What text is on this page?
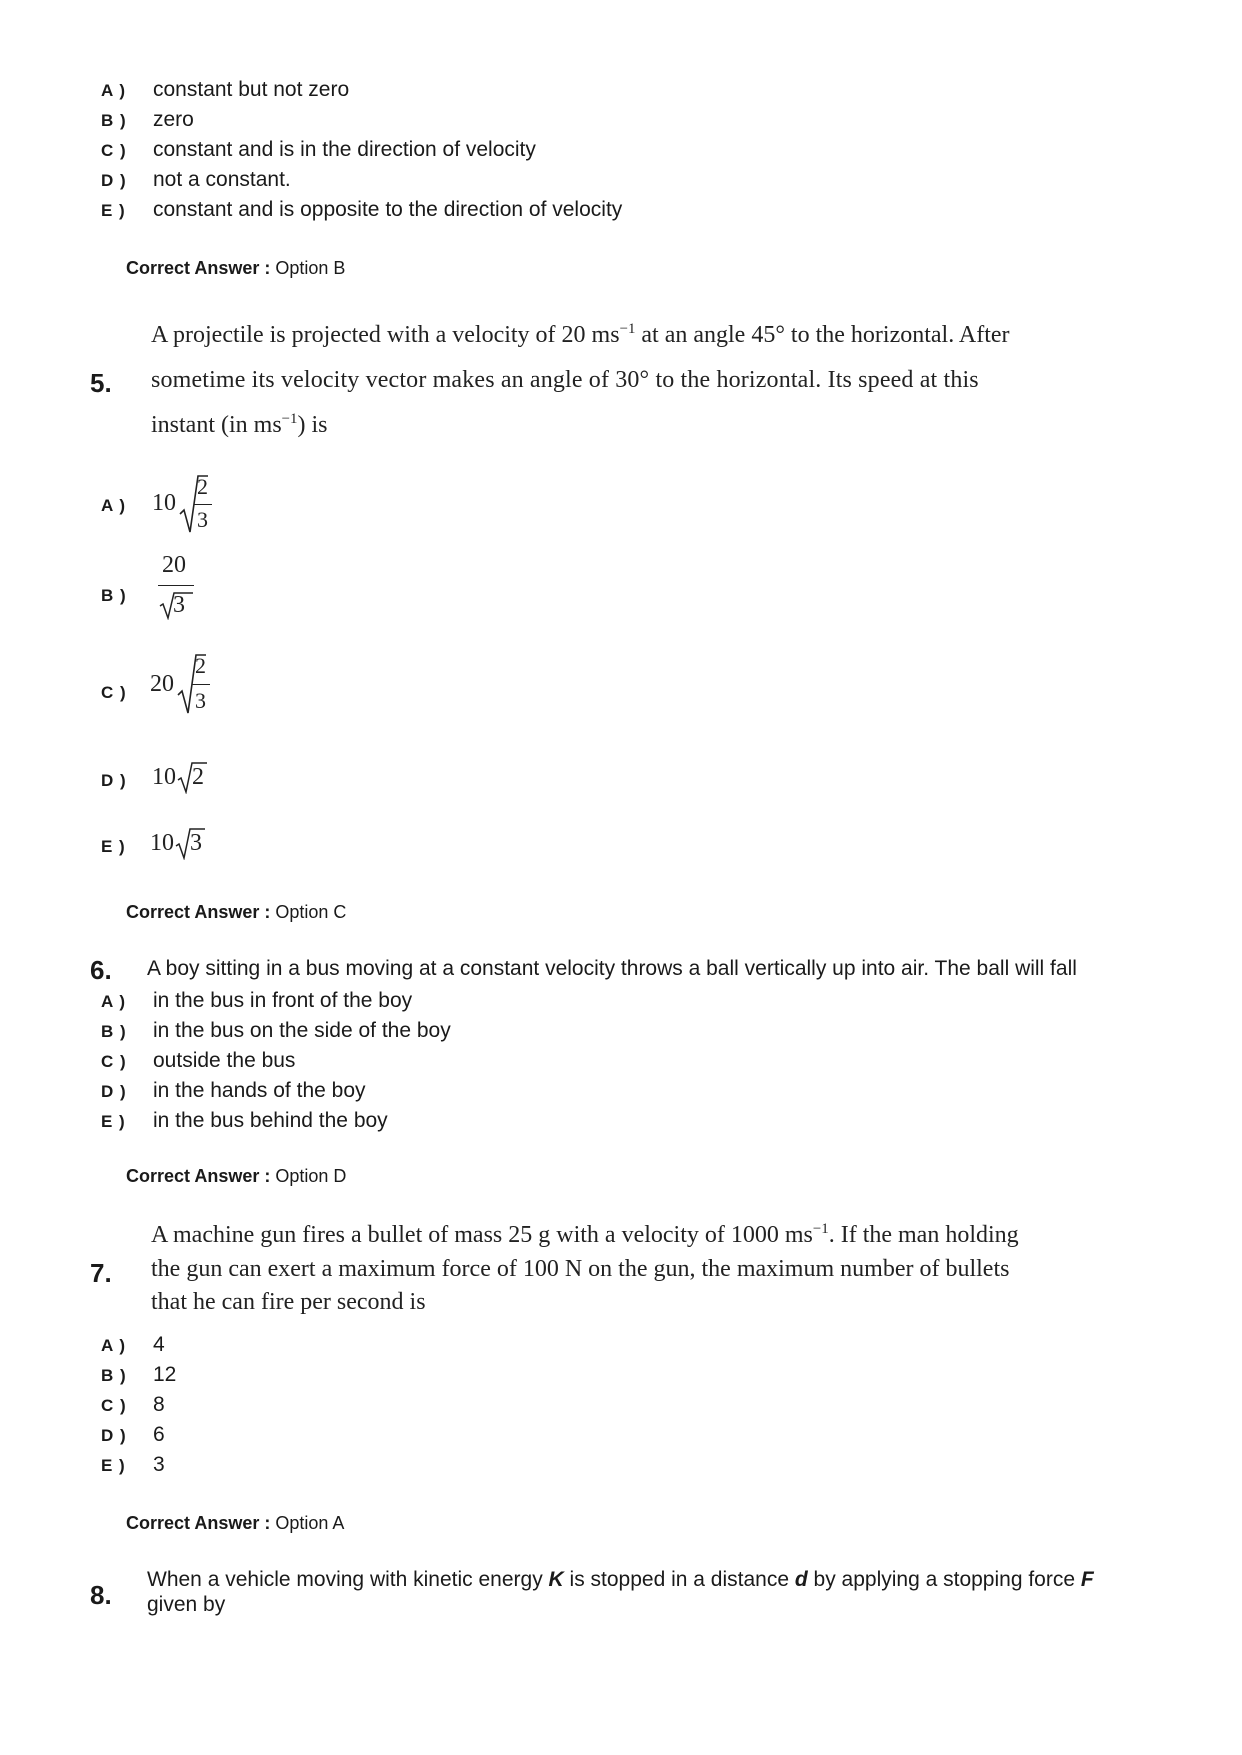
A ) constant but not zero
B ) zero
C ) constant and is in the direction of velocity
D ) not a constant.
E ) constant and is opposite to the direction of velocity
Correct Answer : Option B
5.
A projectile is projected with a velocity of 20 $ms^{-1}$ at an angle 45° to the horizontal. After
sometime its velocity vector makes an angle of 30° to the horizontal. Its speed at this
instant (in $ms^{-1}$) is
A ) 10
2
3
B )
20
3
C ) 20
2
3
D ) 10 2
E ) 10 3
Correct Answer : Option C
6. A boy sitting in a bus moving at a constant velocity throws a ball vertically up into air. The ball will fall
A ) in the bus in front of the boy
B ) in the bus on the side of the boy
C ) outside the bus
D ) in the hands of the boy
E ) in the bus behind the boy
Correct Answer : Option D
7.
A machine gun fires a bullet of mass 25 g with a velocity of 1000 $ms^{-1}$. If the man holding
the gun can exert a maximum force of 100 N on the gun, the maximum number of bullets
that he can fire per second is
A ) 4
B ) 12
C ) 8
D ) 6
E ) 3
Correct Answer : Option A
8.
When a vehicle moving with kinetic energy K is stopped in a distance d by applying a stopping force F
given by
